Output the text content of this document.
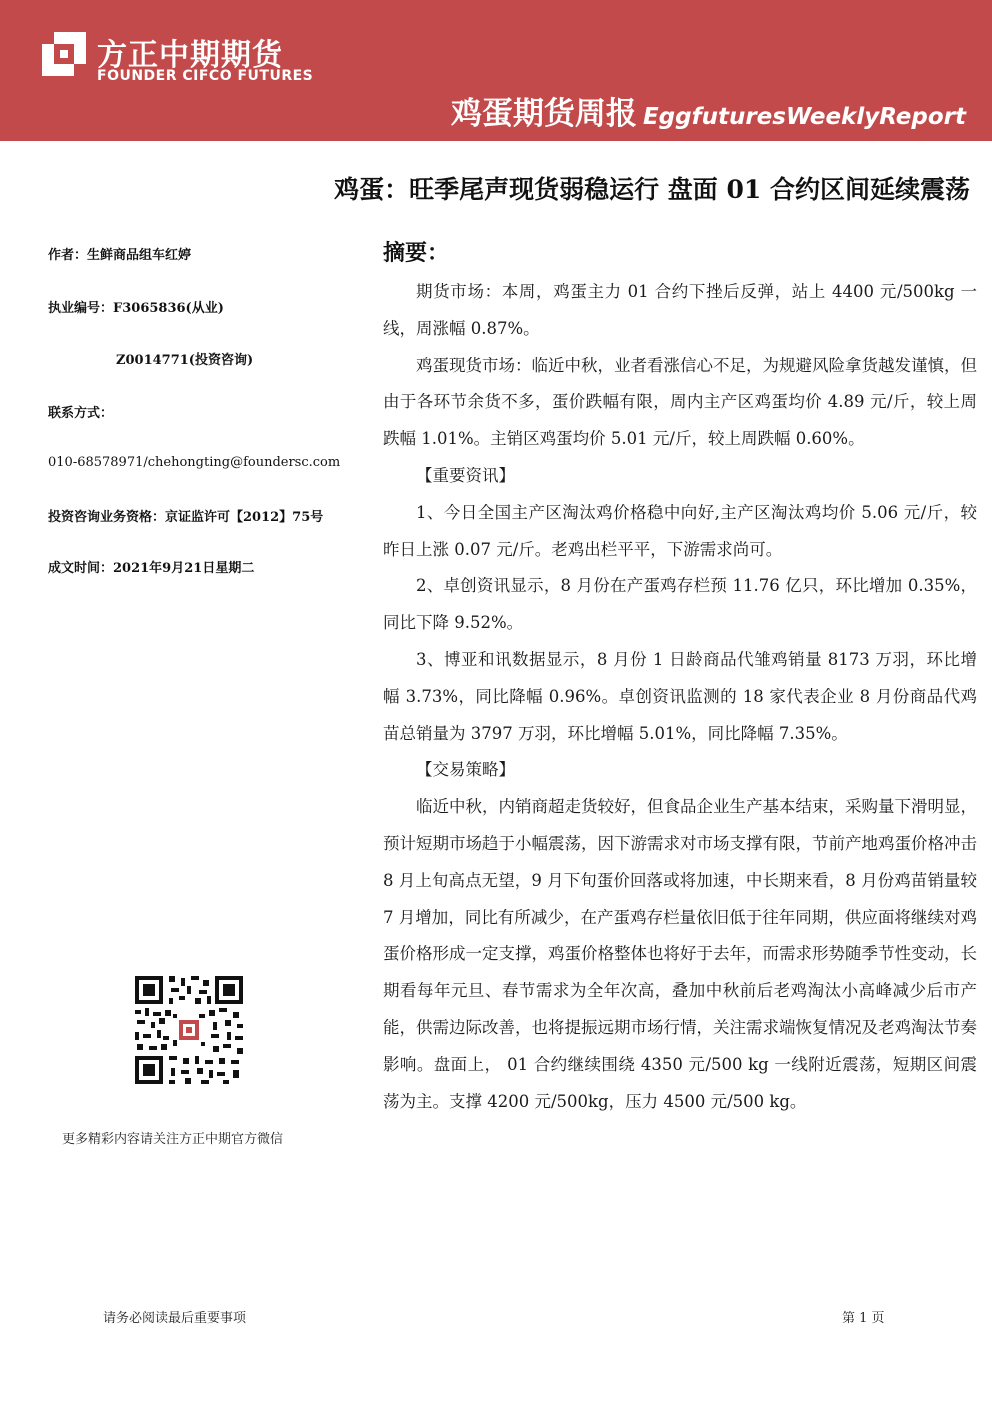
方正中期期货
FOUNDER CIFCO FUTURES
鸡蛋期货周报 EggfuturesWeeklyReport
鸡蛋：旺季尾声现货弱稳运行 盘面 01 合约区间延续震荡
作者：生鲜商品组车红婷
执业编号：F3065836(从业)
Z0014771(投资咨询)
联系方式：
010-68578971/chehongting@foundersc.com
投资咨询业务资格：京证监许可【2012】75号
成文时间：2021年9月21日星期二
更多精彩内容请关注方正中期官方微信
摘要：

期货市场：本周，鸡蛋主力 01 合约下挫后反弹，站上 4400 元/500kg 一线，周涨幅 0.87%。

鸡蛋现货市场：临近中秋，业者看涨信心不足，为规避风险拿货越发谨慎，但由于各环节余货不多，蛋价跌幅有限，周内主产区鸡蛋均价 4.89 元/斤，较上周跌幅 1.01%。主销区鸡蛋均价 5.01 元/斤，较上周跌幅 0.60%。

【重要资讯】

1、今日全国主产区淘汰鸡价格稳中向好,主产区淘汰鸡均价 5.06 元/斤，较昨日上涨 0.07 元/斤。老鸡出栏平平，下游需求尚可。

2、卓创资讯显示，8 月份在产蛋鸡存栏预 11.76 亿只，环比增加 0.35%，同比下降 9.52%。

3、博亚和讯数据显示，8 月份 1 日龄商品代雏鸡销量 8173 万羽，环比增幅 3.73%，同比降幅 0.96%。卓创资讯监测的 18 家代表企业 8 月份商品代鸡苗总销量为 3797 万羽，环比增幅 5.01%，同比降幅 7.35%。

【交易策略】

临近中秋，内销商超走货较好，但食品企业生产基本结束，采购量下滑明显，预计短期市场趋于小幅震荡，因下游需求对市场支撑有限，节前产地鸡蛋价格冲击 8 月上旬高点无望，9 月下旬蛋价回落或将加速，中长期来看，8 月份鸡苗销量较 7 月增加，同比有所减少，在产蛋鸡存栏量依旧低于往年同期，供应面将继续对鸡蛋价格形成一定支撑，鸡蛋价格整体也将好于去年，而需求形势随季节性变动，长期看每年元旦、春节需求为全年次高，叠加中秋前后老鸡淘汰小高峰减少后市产能，供需边际改善，也将提振远期市场行情，关注需求端恢复情况及老鸡淘汰节奏影响。盘面上， 01 合约继续围绕 4350 元/500 kg 一线附近震荡，短期区间震荡为主。支撑 4200 元/500kg，压力 4500 元/500 kg。

请务必阅读最后重要事项	第 1 页
